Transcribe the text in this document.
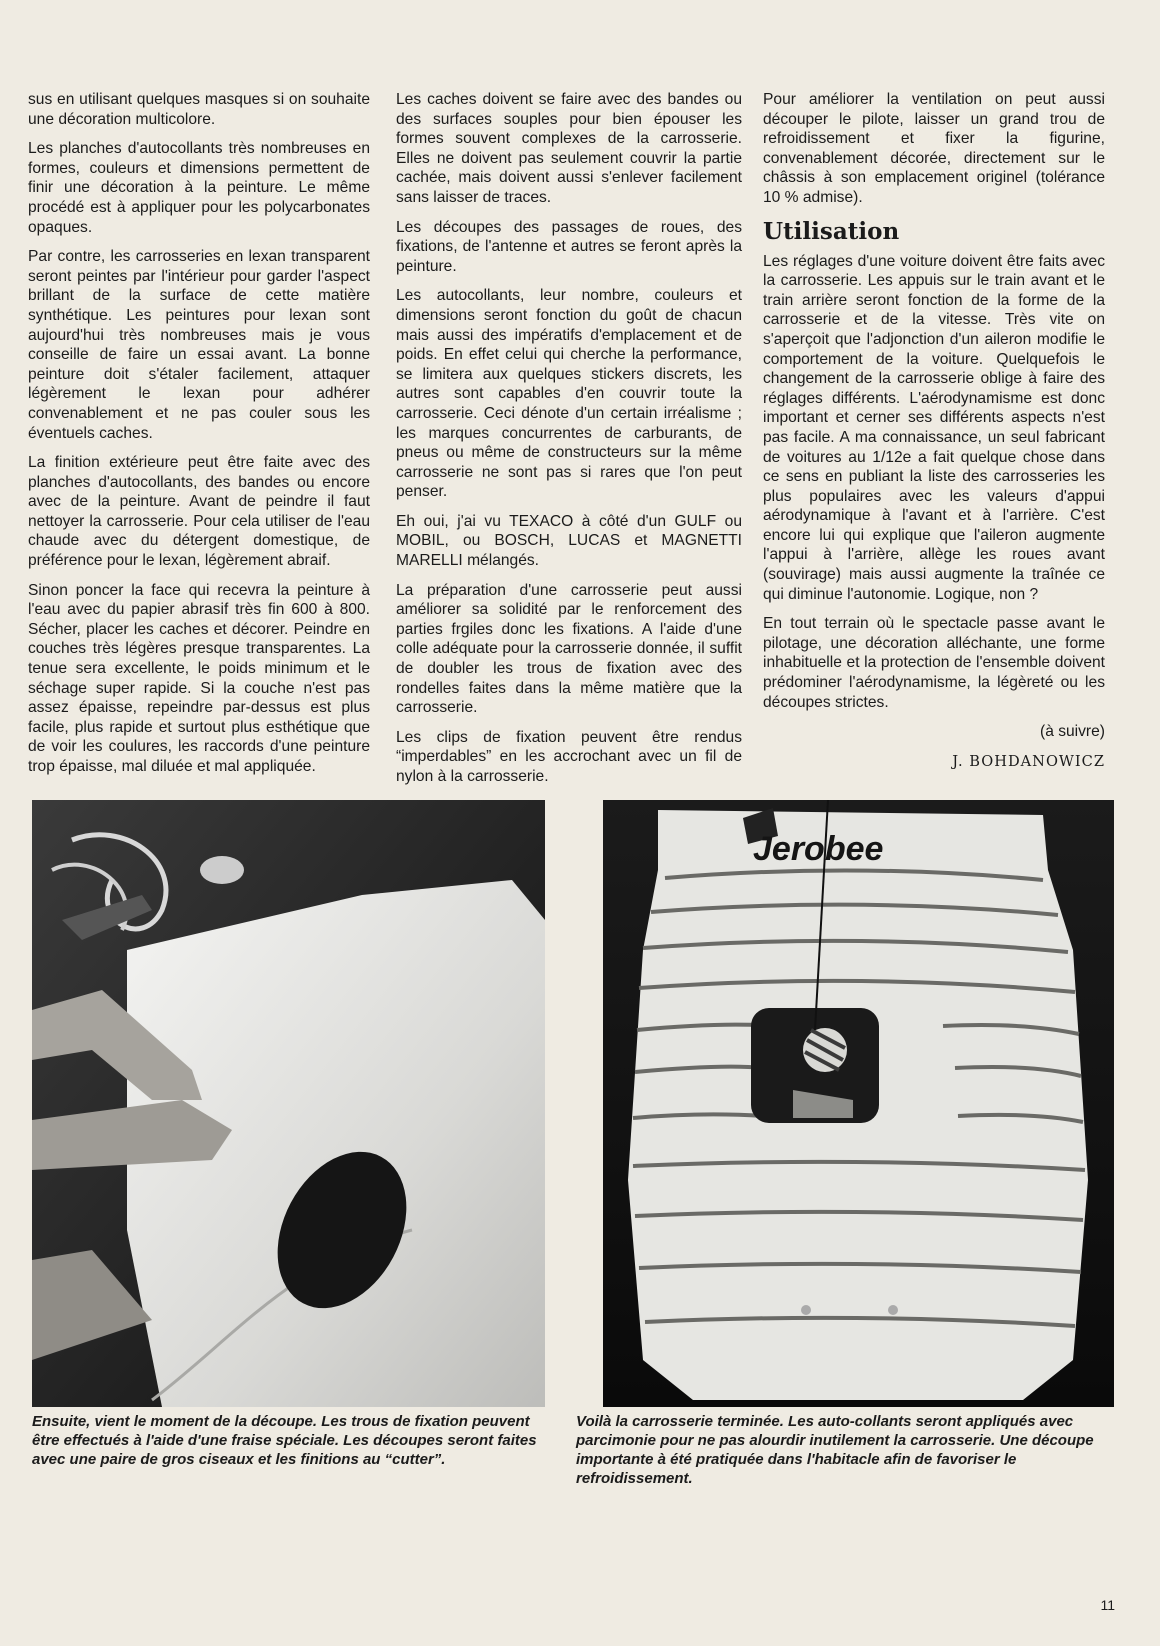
sus en utilisant quelques masques si on souhaite une décoration multicolore.

Les planches d'autocollants très nombreuses en formes, couleurs et dimensions permettent de finir une décoration à la peinture. Le même procédé est à appliquer pour les polycarbonates opaques.

Par contre, les carrosseries en lexan transparent seront peintes par l'intérieur pour garder l'aspect brillant de la surface de cette matière synthétique. Les peintures pour lexan sont aujourd'hui très nombreuses mais je vous conseille de faire un essai avant. La bonne peinture doit s'étaler facilement, attaquer légèrement le lexan pour adhérer convenablement et ne pas couler sous les éventuels caches.

La finition extérieure peut être faite avec des planches d'autocollants, des bandes ou encore avec de la peinture. Avant de peindre il faut nettoyer la carrosserie. Pour cela utiliser de l'eau chaude avec du détergent domestique, de préférence pour le lexan, légèrement abraif.

Sinon poncer la face qui recevra la peinture à l'eau avec du papier abrasif très fin 600 à 800. Sécher, placer les caches et décorer. Peindre en couches très légères presque transparentes. La tenue sera excellente, le poids minimum et le séchage super rapide. Si la couche n'est pas assez épaisse, repeindre par-dessus est plus facile, plus rapide et surtout plus esthétique que de voir les coulures, les raccords d'une peinture trop épaisse, mal diluée et mal appliquée.

Les caches doivent se faire avec des bandes ou des surfaces souples pour bien épouser les formes souvent complexes de la carrosserie. Elles ne doivent pas seulement couvrir la partie cachée, mais doivent aussi s'enlever facilement sans laisser de traces.

Les découpes des passages de roues, des fixations, de l'antenne et autres se feront après la peinture.

Les autocollants, leur nombre, couleurs et dimensions seront fonction du goût de chacun mais aussi des impératifs d'emplacement et de poids. En effet celui qui cherche la performance, se limitera aux quelques stickers discrets, les autres sont capables d'en couvrir toute la carrosserie. Ceci dénote d'un certain irréalisme ; les marques concurrentes de carburants, de pneus ou même de constructeurs sur la même carrosserie ne sont pas si rares que l'on peut penser.

Eh oui, j'ai vu TEXACO à côté d'un GULF ou MOBIL, ou BOSCH, LUCAS et MAGNETTI MARELLI mélangés.

La préparation d'une carrosserie peut aussi améliorer sa solidité par le renforcement des parties frgiles donc les fixations. A l'aide d'une colle adéquate pour la carrosserie donnée, il suffit de doubler les trous de fixation avec des rondelles faites dans la même matière que la carrosserie.

Les clips de fixation peuvent être rendus “imperdables” en les accrochant avec un fil de nylon à la carrosserie.

Pour améliorer la ventilation on peut aussi découper le pilote, laisser un grand trou de refroidissement et fixer la figurine, convenablement décorée, directement sur le châssis à son emplacement originel (tolérance 10 % admise).

Utilisation

Les réglages d'une voiture doivent être faits avec la carrosserie. Les appuis sur le train avant et le train arrière seront fonction de la forme de la carrosserie et de la vitesse. Très vite on s'aperçoit que l'adjonction d'un aileron modifie le comportement de la voiture. Quelquefois le changement de la carrosserie oblige à faire des réglages différents. L'aérodynamisme est donc important et cerner ses différents aspects n'est pas facile. A ma connaissance, un seul fabricant de voitures au 1/12e a fait quelque chose dans ce sens en publiant la liste des carrosseries les plus populaires avec les valeurs d'appui aérodynamique à l'avant et à l'arrière. C'est encore lui qui explique que l'aileron augmente l'appui à l'arrière, allège les roues avant (souvirage) mais aussi augmente la traînée ce qui diminue l'autonomie. Logique, non ?

En tout terrain où le spectacle passe avant le pilotage, une décoration alléchante, une forme inhabituelle et la protection de l'ensemble doivent prédominer l'aérodynamisme, la légèreté ou les découpes strictes.

(à suivre)

J. BOHDANOWICZ

Jerobee
Ensuite, vient le moment de la découpe. Les trous de fixation peuvent être effectués à l'aide d'une fraise spéciale. Les découpes seront faites avec une paire de gros ciseaux et les finitions au “cutter”.
Voilà la carrosserie terminée. Les auto-collants seront appliqués avec parcimonie pour ne pas alourdir inutilement la carrosserie. Une découpe importante à été pratiquée dans l'habitacle afin de favoriser le refroidissement.
11
